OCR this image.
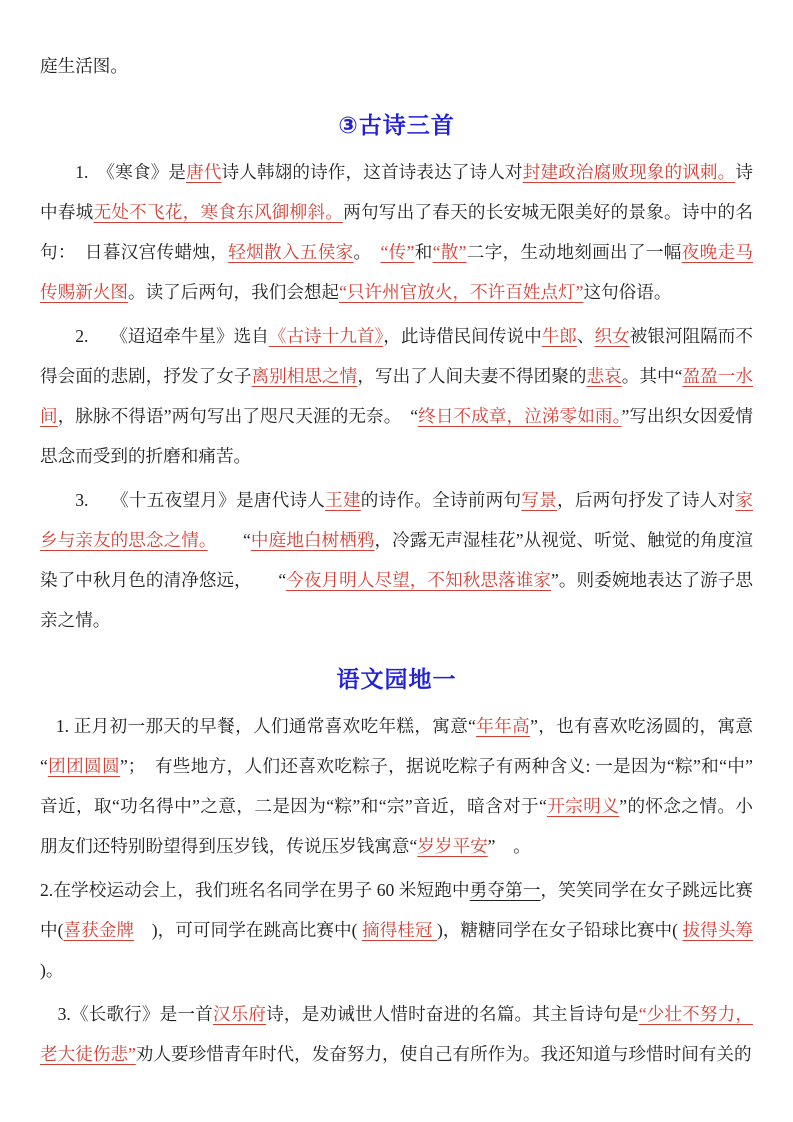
庭生活图。

③古诗三首

1.　《寒食》是唐代诗人韩翃的诗作，这首诗表达了诗人对封建政治腐败现象的讽刺。诗中春城无处不飞花，寒食东风御柳斜。两句写出了春天的长安城无限美好的景象。诗中的名句：　日暮汉宫传蜡烛，轻烟散入五侯家。　“传”和“散”二字，生动地刻画出了一幅夜晚走马传赐新火图。读了后两句，我们会想起“只许州官放火，不许百姓点灯”这句俗语。

2.　 《迢迢牵牛星》选自《古诗十九首》，此诗借民间传说中牛郎、织女被银河阻隔而不得会面的悲剧，抒发了女子离别相思之情，写出了人间夫妻不得团聚的悲哀。其中“盈盈一水间，脉脉不得语”两句写出了咫尺天涯的无奈。　“终日不成章，泣涕零如雨。”写出织女因爱情思念而受到的折磨和痛苦。

3.　 《十五夜望月》是唐代诗人王建的诗作。全诗前两句写景，后两句抒发了诗人对家乡与亲友的思念之情。　　“中庭地白树栖鸦，冷露无声湿桂花”从视觉、听觉、触觉的角度渲染了中秋月色的清净悠远，　　“今夜月明人尽望，不知秋思落谁家”。则委婉地表达了游子思亲之情。

语文园地一

1. 正月初一那天的早餐，人们通常喜欢吃年糕，寓意“年年高”，也有喜欢吃汤圆的，寓意“团团圆圆”；　有些地方，人们还喜欢吃粽子，据说吃粽子有两种含义: 一是因为“粽”和“中”音近，取“功名得中”之意，二是因为“粽”和“宗”音近，暗含对于“开宗明义”的怀念之情。小朋友们还特别盼望得到压岁钱，传说压岁钱寓意“岁岁平安”　。

2.在学校运动会上，我们班名名同学在男子 60 米短跑中勇夺第一，笑笑同学在女子跳远比赛中(喜获金牌　)，可可同学在跳高比赛中( 摘得桂冠 )，糖糖同学在女子铅球比赛中( 拔得头筹 )。

3.《长歌行》是一首汉乐府诗，是劝诫世人惜时奋进的名篇。其主旨诗句是“少壮不努力，老大徒伤悲”劝人要珍惜青年时代，发奋努力，使自己有所作为。我还知道与珍惜时间有关的
